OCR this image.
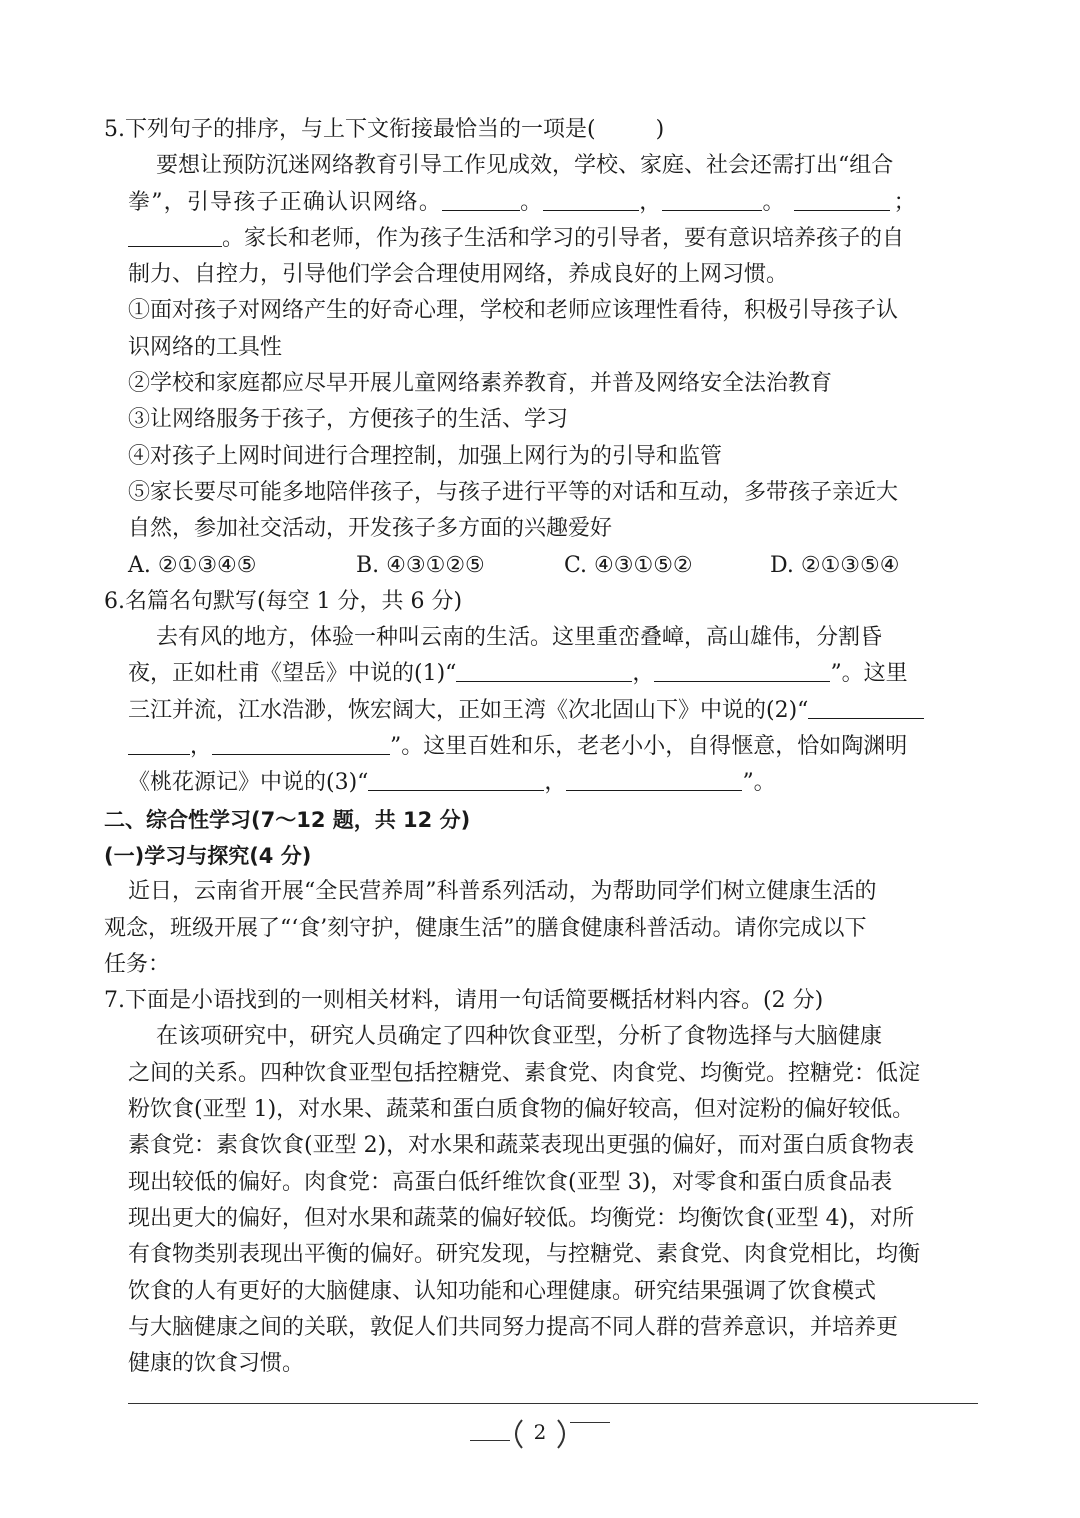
5.下列句子的排序，与上下文衔接最恰当的一项是(	)
要想让预防沉迷网络教育引导工作见成效，学校、家庭、社会还需打出“组合
拳”，引导孩子正确认识网络。	。	，	。	；
。家长和老师，作为孩子生活和学习的引导者，要有意识培养孩子的自
制力、自控力，引导他们学会合理使用网络，养成良好的上网习惯。
①面对孩子对网络产生的好奇心理，学校和老师应该理性看待，积极引导孩子认
识网络的工具性
②学校和家庭都应尽早开展儿童网络素养教育，并普及网络安全法治教育
③让网络服务于孩子，方便孩子的生活、学习
④对孩子上网时间进行合理控制，加强上网行为的引导和监管
⑤家长要尽可能多地陪伴孩子，与孩子进行平等的对话和互动，多带孩子亲近大
自然，参加社交活动，开发孩子多方面的兴趣爱好
A. ②①③④⑤	B. ④③①②⑤	C. ④③①⑤②	D. ②①③⑤④
6.名篇名句默写(每空 1 分，共 6 分)
去有风的地方，体验一种叫云南的生活。这里重峦叠嶂，高山雄伟，分割昏
夜，正如杜甫《望岳》中说的(1)“	，	”。这里
三江并流，江水浩渺，恢宏阔大，正如王湾《次北固山下》中说的(2)“
，	”。这里百姓和乐，老老小小，自得惬意，恰如陶渊明
《桃花源记》中说的(3)“	，	”。
二、综合性学习(7～12 题，共 12 分)
(一)学习与探究(4 分)
近日，云南省开展“全民营养周”科普系列活动，为帮助同学们树立健康生活的
观念，班级开展了“‘食’刻守护，健康生活”的膳食健康科普活动。请你完成以下
任务：
7.下面是小语找到的一则相关材料，请用一句话简要概括材料内容。(2 分)
在该项研究中，研究人员确定了四种饮食亚型，分析了食物选择与大脑健康
之间的关系。四种饮食亚型包括控糖党、素食党、肉食党、均衡党。控糖党：低淀
粉饮食(亚型 1)，对水果、蔬菜和蛋白质食物的偏好较高，但对淀粉的偏好较低。
素食党：素食饮食(亚型 2)，对水果和蔬菜表现出更强的偏好，而对蛋白质食物表
现出较低的偏好。肉食党：高蛋白低纤维饮食(亚型 3)，对零食和蛋白质食品表
现出更大的偏好，但对水果和蔬菜的偏好较低。均衡党：均衡饮食(亚型 4)，对所
有食物类别表现出平衡的偏好。研究发现，与控糖党、素食党、肉食党相比，均衡
饮食的人有更好的大脑健康、认知功能和心理健康。研究结果强调了饮食模式
与大脑健康之间的关联，敦促人们共同努力提高不同人群的营养意识，并培养更
健康的饮食习惯。
2
